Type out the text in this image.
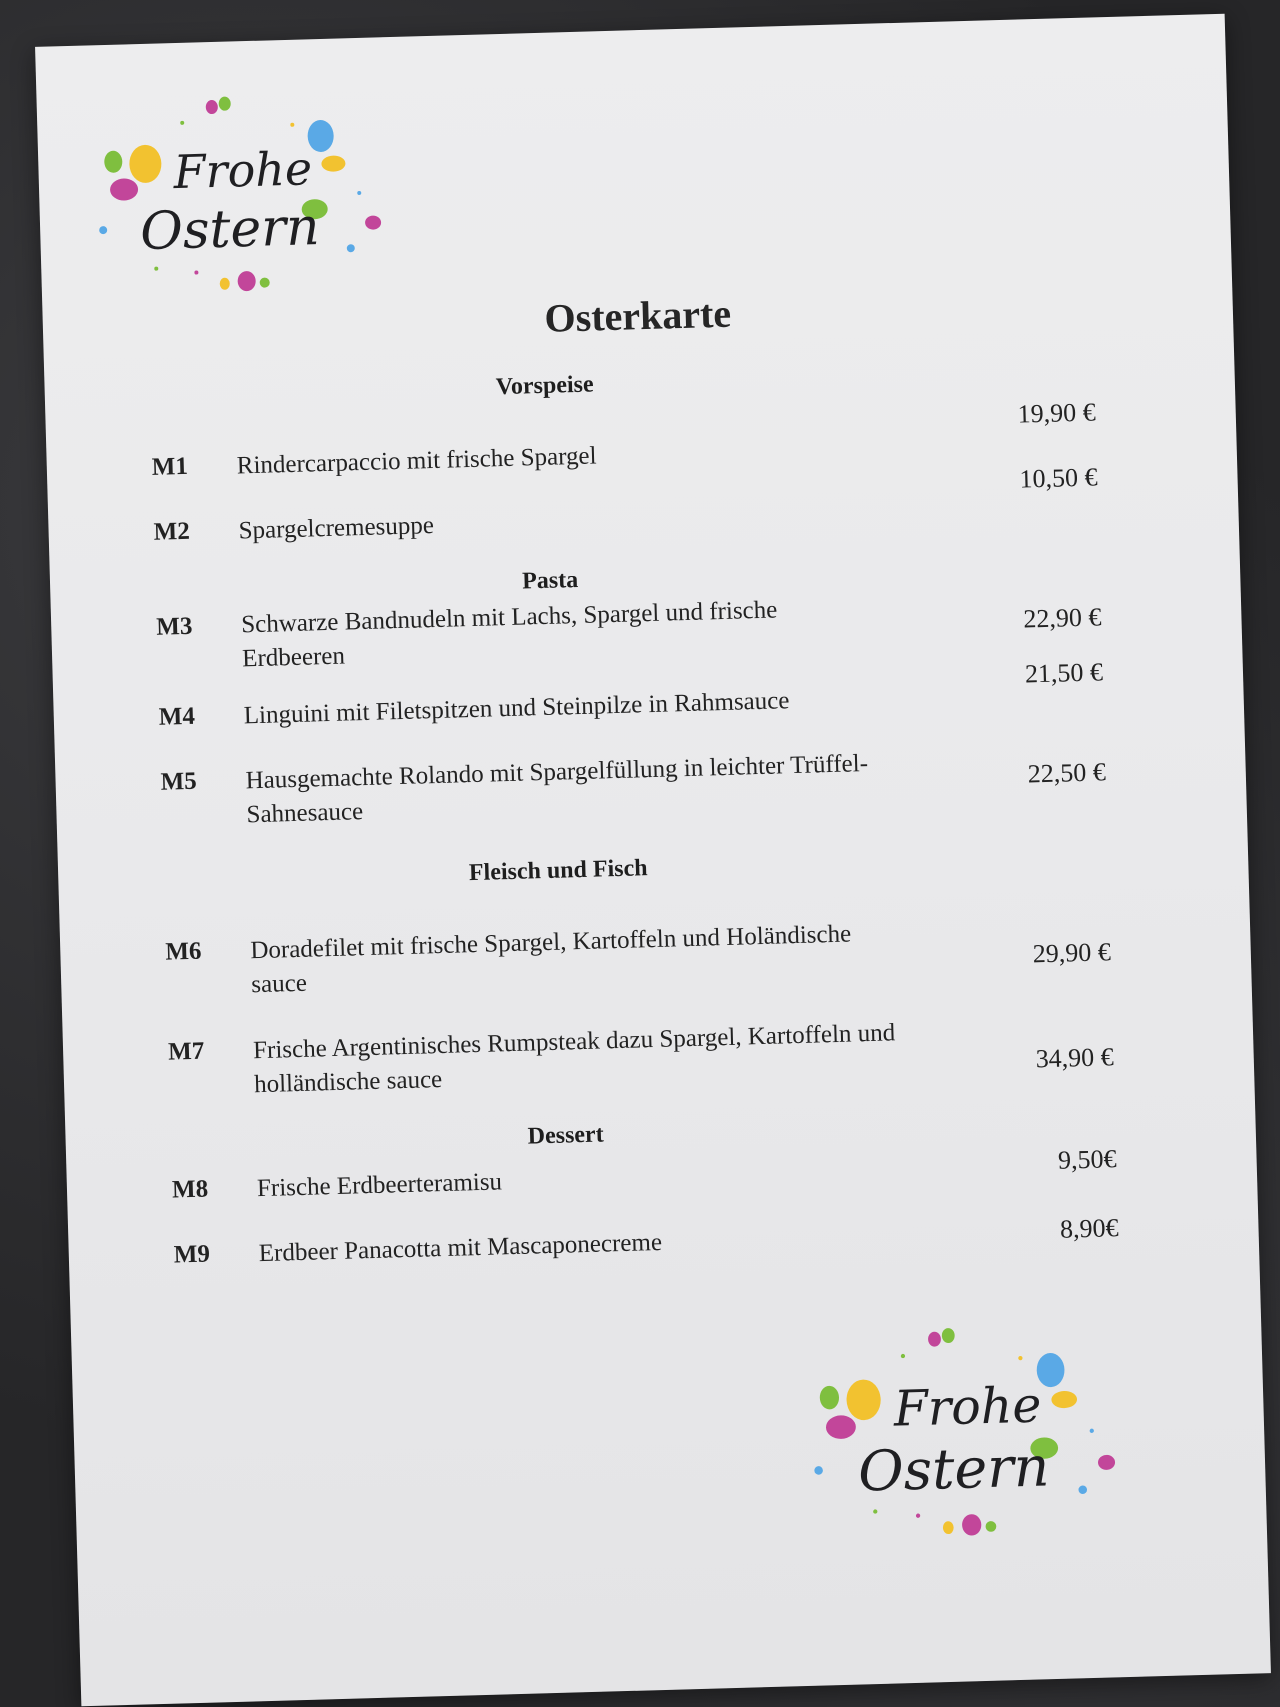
Frohe
Ostern
Osterkarte
Vorspeise
M1 Rindercarpaccio mit frische Spargel
19,90 €
M2 Spargelcremesuppe
10,50 €
Pasta
M3 Schwarze Bandnudeln mit Lachs, Spargel und frische Erdbeeren
22,90 €
M4 Linguini mit Filetspitzen und Steinpilze in Rahmsauce
21,50 €
M5 Hausgemachte Rolando mit Spargelfüllung in leichter Trüffel-Sahnesauce
22,50 €
Fleisch und Fisch
M6 Doradefilet mit frische Spargel, Kartoffeln und Holändische sauce
29,90 €
M7 Frische Argentinisches Rumpsteak dazu Spargel, Kartoffeln und holländische sauce
34,90 €
Dessert
M8 Frische Erdbeerteramisu
9,50€
M9 Erdbeer Panacotta mit Mascaponecreme
8,90€
Frohe
Ostern
